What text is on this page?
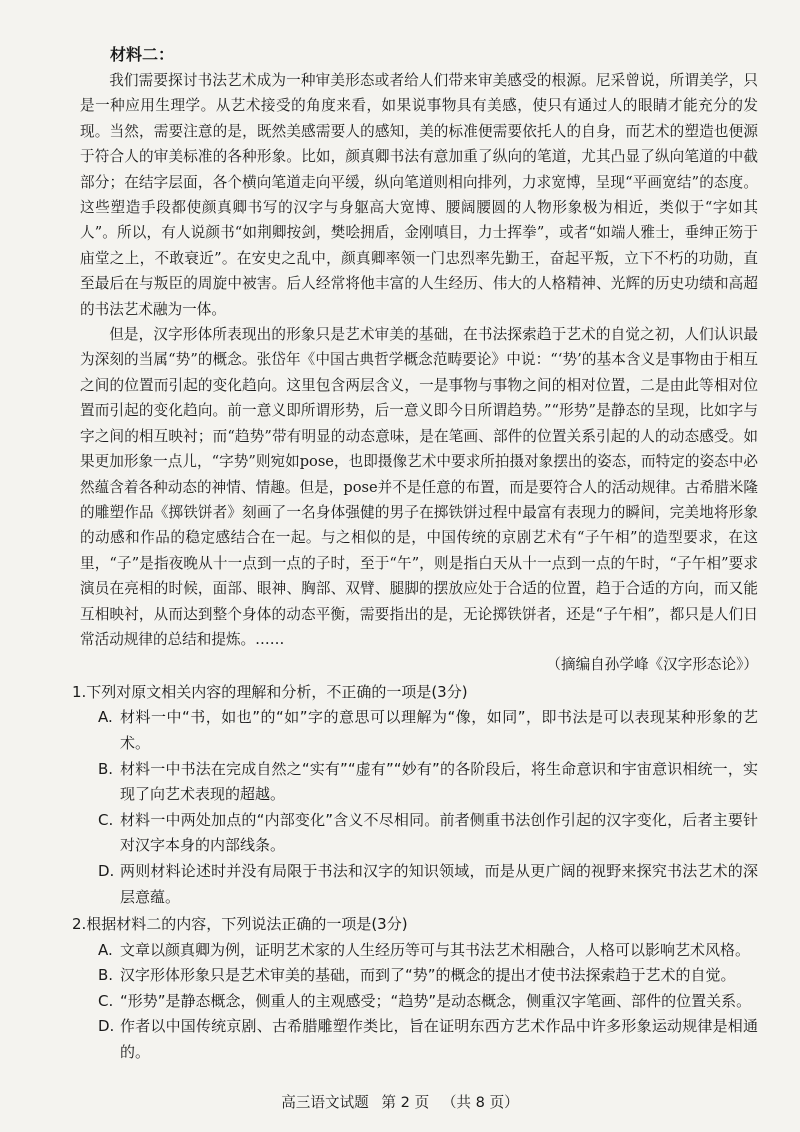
材料二：

我们需要探讨书法艺术成为一种审美形态或者给人们带来审美感受的根源。尼采曾说，所谓美学，只是一种应用生理学。从艺术接受的角度来看，如果说事物具有美感，使只有通过人的眼睛才能充分的发现。当然，需要注意的是，既然美感需要人的感知，美的标准便需要依托人的自身，而艺术的塑造也便源于符合人的审美标准的各种形象。比如，颜真卿书法有意加重了纵向的笔道，尤其凸显了纵向笔道的中截部分；在结字层面，各个横向笔道走向平缓，纵向笔道则相向排列，力求宽博，呈现“平画宽结”的态度。这些塑造手段都使颜真卿书写的汉字与身躯高大宽博、腰阔腰圆的人物形象极为相近，类似于“字如其人”。所以，有人说颜书“如荆卿按剑，樊哙拥盾，金刚嗔目，力士挥拳”，或者“如端人雅士，垂绅正笏于庙堂之上，不敢衰近”。在安史之乱中，颜真卿率领一门忠烈率先勤王，奋起平叛，立下不朽的功勋，直至最后在与叛臣的周旋中被害。后人经常将他丰富的人生经历、伟大的人格精神、光辉的历史功绩和高超的书法艺术融为一体。

但是，汉字形体所表现出的形象只是艺术审美的基础，在书法探索趋于艺术的自觉之初，人们认识最为深刻的当属“势”的概念。张岱年《中国古典哲学概念范畴要论》中说：“‘势’的基本含义是事物由于相互之间的位置而引起的变化趋向。这里包含两层含义，一是事物与事物之间的相对位置，二是由此等相对位置而引起的变化趋向。前一意义即所谓形势，后一意义即今日所谓趋势。”“形势”是静态的呈现，比如字与字之间的相互映衬；而“趋势”带有明显的动态意味，是在笔画、部件的位置关系引起的人的动态感受。如果更加形象一点儿，“字势”则宛如pose，也即摄像艺术中要求所拍摄对象摆出的姿态，而特定的姿态中必然蕴含着各种动态的神情、情趣。但是，pose并不是任意的布置，而是要符合人的活动规律。古希腊米隆的雕塑作品《掷铁饼者》刻画了一名身体强健的男子在掷铁饼过程中最富有表现力的瞬间，完美地将形象的动感和作品的稳定感结合在一起。与之相似的是，中国传统的京剧艺术有“子午相”的造型要求，在这里，“子”是指夜晚从十一点到一点的子时，至于“午”，则是指白天从十一点到一点的午时，“子午相”要求演员在亮相的时候，面部、眼神、胸部、双臂、腿脚的摆放应处于合适的位置，趋于合适的方向，而又能互相映衬，从而达到整个身体的动态平衡，需要指出的是，无论掷铁饼者，还是“子午相”，都只是人们日常活动规律的总结和提炼。……

（摘编自孙学峰《汉字形态论》）

1.下列对原文相关内容的理解和分析，不正确的一项是(3分)

A. 材料一中“书，如也”的“如”字的意思可以理解为“像，如同”，即书法是可以表现某种形象的艺术。
B. 材料一中书法在完成自然之“实有”“虚有”“妙有”的各阶段后，将生命意识和宇宙意识相统一，实现了向艺术表现的超越。
C. 材料一中两处加点的“内部变化”含义不尽相同。前者侧重书法创作引起的汉字变化，后者主要针对汉字本身的内部线条。
D. 两则材料论述时并没有局限于书法和汉字的知识领域，而是从更广阔的视野来探究书法艺术的深层意蕴。

2.根据材料二的内容，下列说法正确的一项是(3分)

A. 文章以颜真卿为例，证明艺术家的人生经历等可与其书法艺术相融合，人格可以影响艺术风格。
B. 汉字形体形象只是艺术审美的基础，而到了“势”的概念的提出才使书法探索趋于艺术的自觉。
C. “形势”是静态概念，侧重人的主观感受；“趋势”是动态概念，侧重汉字笔画、部件的位置关系。
D. 作者以中国传统京剧、古希腊雕塑作类比，旨在证明东西方艺术作品中许多形象运动规律是相通的。
高三语文试题 第 2 页 （共 8 页）
